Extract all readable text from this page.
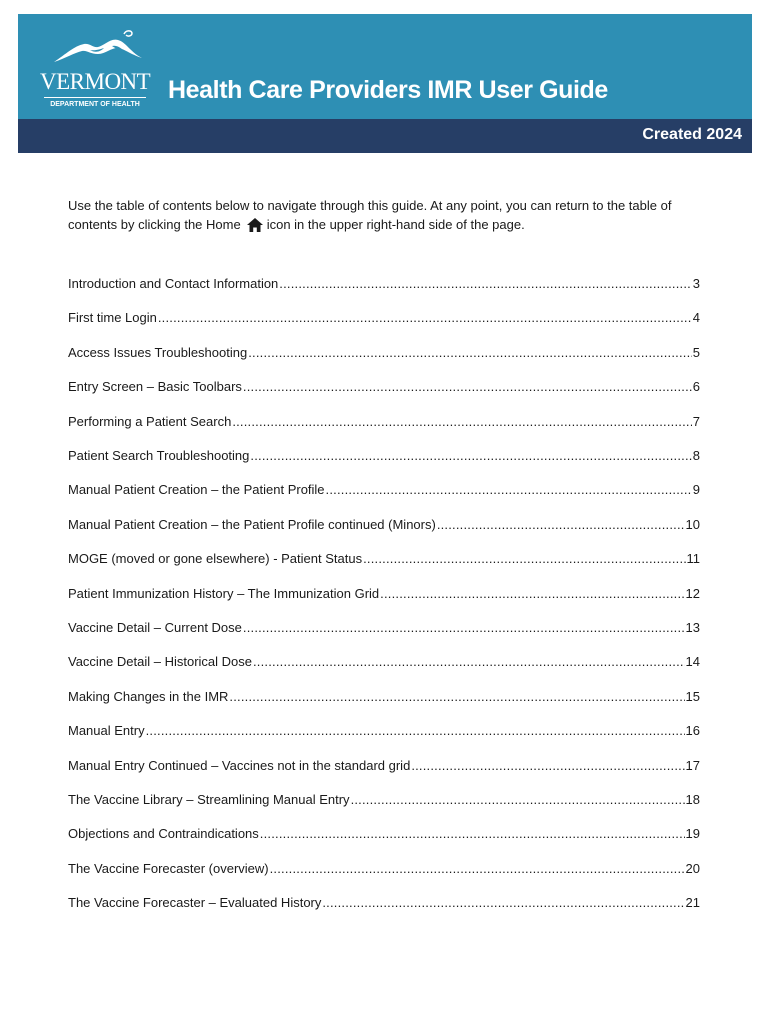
VERMONT
DEPARTMENT OF HEALTH
Health Care Providers IMR User Guide
Created 2024

Use the table of contents below to navigate through this guide. At any point, you can return to the table of contents by clicking the Home icon in the upper right-hand side of the page.

Introduction and Contact Information .....	3
First time Login .....	4
Access Issues Troubleshooting .....	5
Entry Screen – Basic Toolbars .....	6
Performing a Patient Search .....	7
Patient Search Troubleshooting .....	8
Manual Patient Creation – the Patient Profile .....	9
Manual Patient Creation – the Patient Profile continued (Minors) .....	10
MOGE (moved or gone elsewhere) - Patient Status .....	11
Patient Immunization History – The Immunization Grid .....	12
Vaccine Detail – Current Dose .....	13
Vaccine Detail – Historical Dose .....	14
Making Changes in the IMR .....	15
Manual Entry .....	16
Manual Entry Continued – Vaccines not in the standard grid .....	17
The Vaccine Library – Streamlining Manual Entry .....	18
Objections and Contraindications .....	19
The Vaccine Forecaster (overview) .....	20
The Vaccine Forecaster – Evaluated History .....	21
